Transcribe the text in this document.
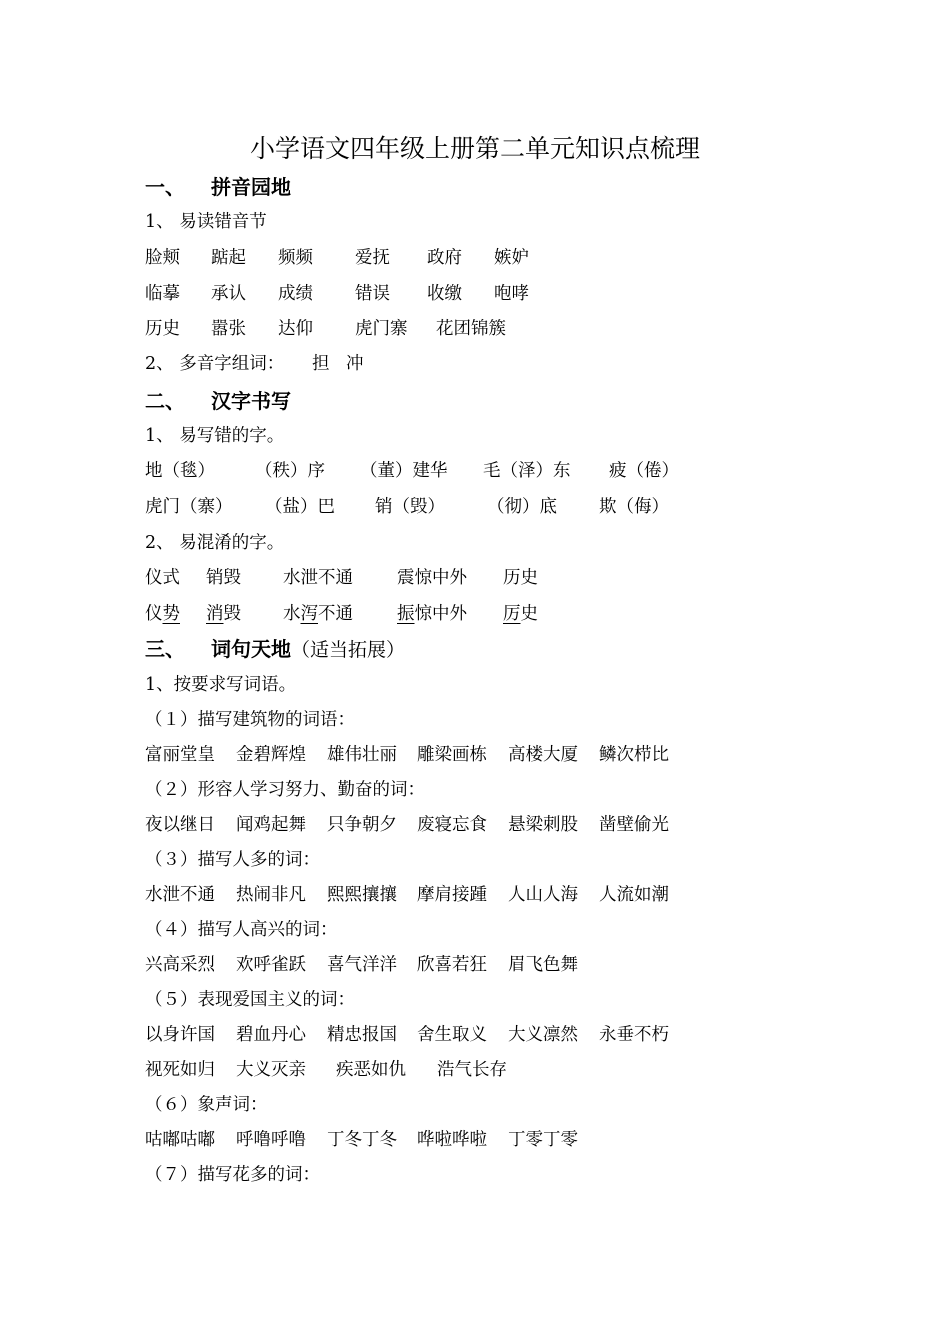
小学语文四年级上册第二单元知识点梳理
一、 拼音园地
1、 易读错音节
脸颊 踮起 频频 爱抚 政府 嫉妒
临摹 承认 成绩 错误 收缴 咆哮
历史 嚣张 达仰 虎门寨 花团锦簇
2、 多音字组词： 担 冲
二、 汉字书写
1、 易写错的字。
地（毯） （秩）序 （董）建华 毛（泽）东 疲（倦）
虎门（寨） （盐）巴 销（毁） （彻）底 欺（侮）
2、 易混淆的字。
仪式 销毁 水泄不通	震惊中外 历史
仪势 消毁 水泻不通	振惊中外 厉史
三、 词句天地（适当拓展）
1、按要求写词语。
（１）描写建筑物的词语：
富丽堂皇 金碧辉煌 雄伟壮丽 雕梁画栋 高楼大厦 鳞次栉比
（２）形容人学习努力、勤奋的词：
夜以继日 闻鸡起舞 只争朝夕 废寝忘食 悬梁刺股 凿壁偷光
（３）描写人多的词：
水泄不通 热闹非凡 熙熙攘攘 摩肩接踵 人山人海 人流如潮
（４）描写人高兴的词：
兴高采烈 欢呼雀跃 喜气洋洋 欣喜若狂 眉飞色舞
（５）表现爱国主义的词：
以身许国 碧血丹心 精忠报国 舍生取义 大义凛然 永垂不朽
视死如归 大义灭亲 疾恶如仇 浩气长存
（６）象声词：
咕嘟咕嘟 呼噜呼噜 丁冬丁冬 哗啦哗啦 丁零丁零
（７）描写花多的词：
